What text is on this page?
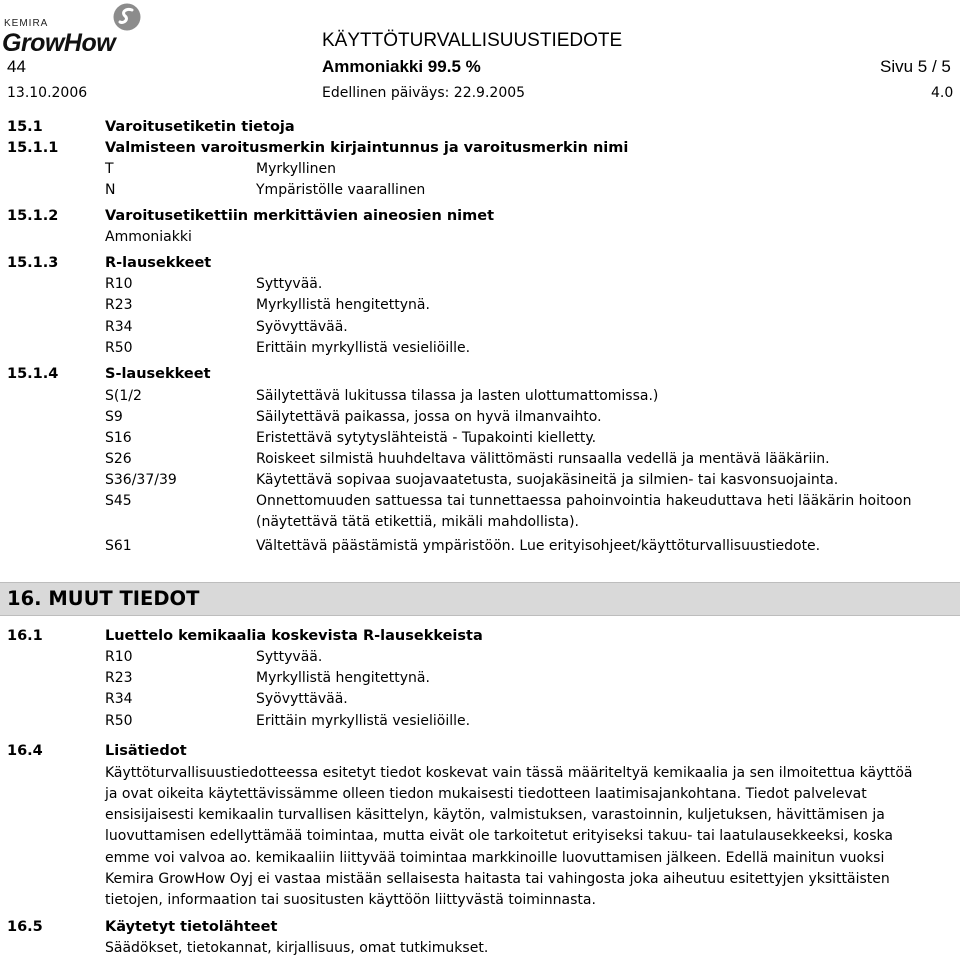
KEMIRA
GrowHow	KÄYTTÖTURVALLISUUSTIEDOTE
44	Ammoniakki 99.5 %	Sivu 5 / 5
13.10.2006	Edellinen päiväys: 22.9.2005	4.0
15.1	Varoitusetiketin tietoja
15.1.1	Valmisteen varoitusmerkin kirjaintunnus ja varoitusmerkin nimi
T	Myrkyllinen
N	Ympäristölle vaarallinen
15.1.2	Varoitusetikettiin merkittävien aineosien nimet
Ammoniakki
15.1.3	R-lausekkeet
R10	Syttyvää.
R23	Myrkyllistä hengitettynä.
R34	Syövyttävää.
R50	Erittäin myrkyllistä vesieliöille.
15.1.4	S-lausekkeet
S(1/2	Säilytettävä lukitussa tilassa ja lasten ulottumattomissa.)
S9	Säilytettävä paikassa, jossa on hyvä ilmanvaihto.
S16	Eristettävä sytytyslähteistä - Tupakointi kielletty.
S26	Roiskeet silmistä huuhdeltava välittömästi runsaalla vedellä ja mentävä lääkäriin.
S36/37/39	Käytettävä sopivaa suojavaatetusta, suojakäsineitä ja silmien- tai kasvonsuojainta.
S45	Onnettomuuden sattuessa tai tunnettaessa pahoinvointia hakeuduttava heti lääkärin hoitoon
(näytettävä tätä etikettiä, mikäli mahdollista).
S61	Vältettävä päästämistä ympäristöön. Lue erityisohjeet/käyttöturvallisuustiedote.
16. MUUT TIEDOT
16.1	Luettelo kemikaalia koskevista R-lausekkeista
R10	Syttyvää.
R23	Myrkyllistä hengitettynä.
R34	Syövyttävää.
R50	Erittäin myrkyllistä vesieliöille.
16.4	Lisätiedot
Käyttöturvallisuustiedotteessa esitetyt tiedot koskevat vain tässä määriteltyä kemikaalia ja sen ilmoitettua käyttöä
ja ovat oikeita käytettävissämme olleen tiedon mukaisesti tiedotteen laatimisajankohtana. Tiedot palvelevat
ensisijaisesti kemikaalin turvallisen käsittelyn, käytön, valmistuksen, varastoinnin, kuljetuksen, hävittämisen ja
luovuttamisen edellyttämää toimintaa, mutta eivät ole tarkoitetut erityiseksi takuu- tai laatulausekkeeksi, koska
emme voi valvoa ao. kemikaaliin liittyvää toimintaa markkinoille luovuttamisen jälkeen. Edellä mainitun vuoksi
Kemira GrowHow Oyj ei vastaa mistään sellaisesta haitasta tai vahingosta joka aiheutuu esitettyjen yksittäisten
tietojen, informaation tai suositusten käyttöön liittyvästä toiminnasta.
16.5	Käytetyt tietolähteet
Säädökset, tietokannat, kirjallisuus, omat tutkimukset.
